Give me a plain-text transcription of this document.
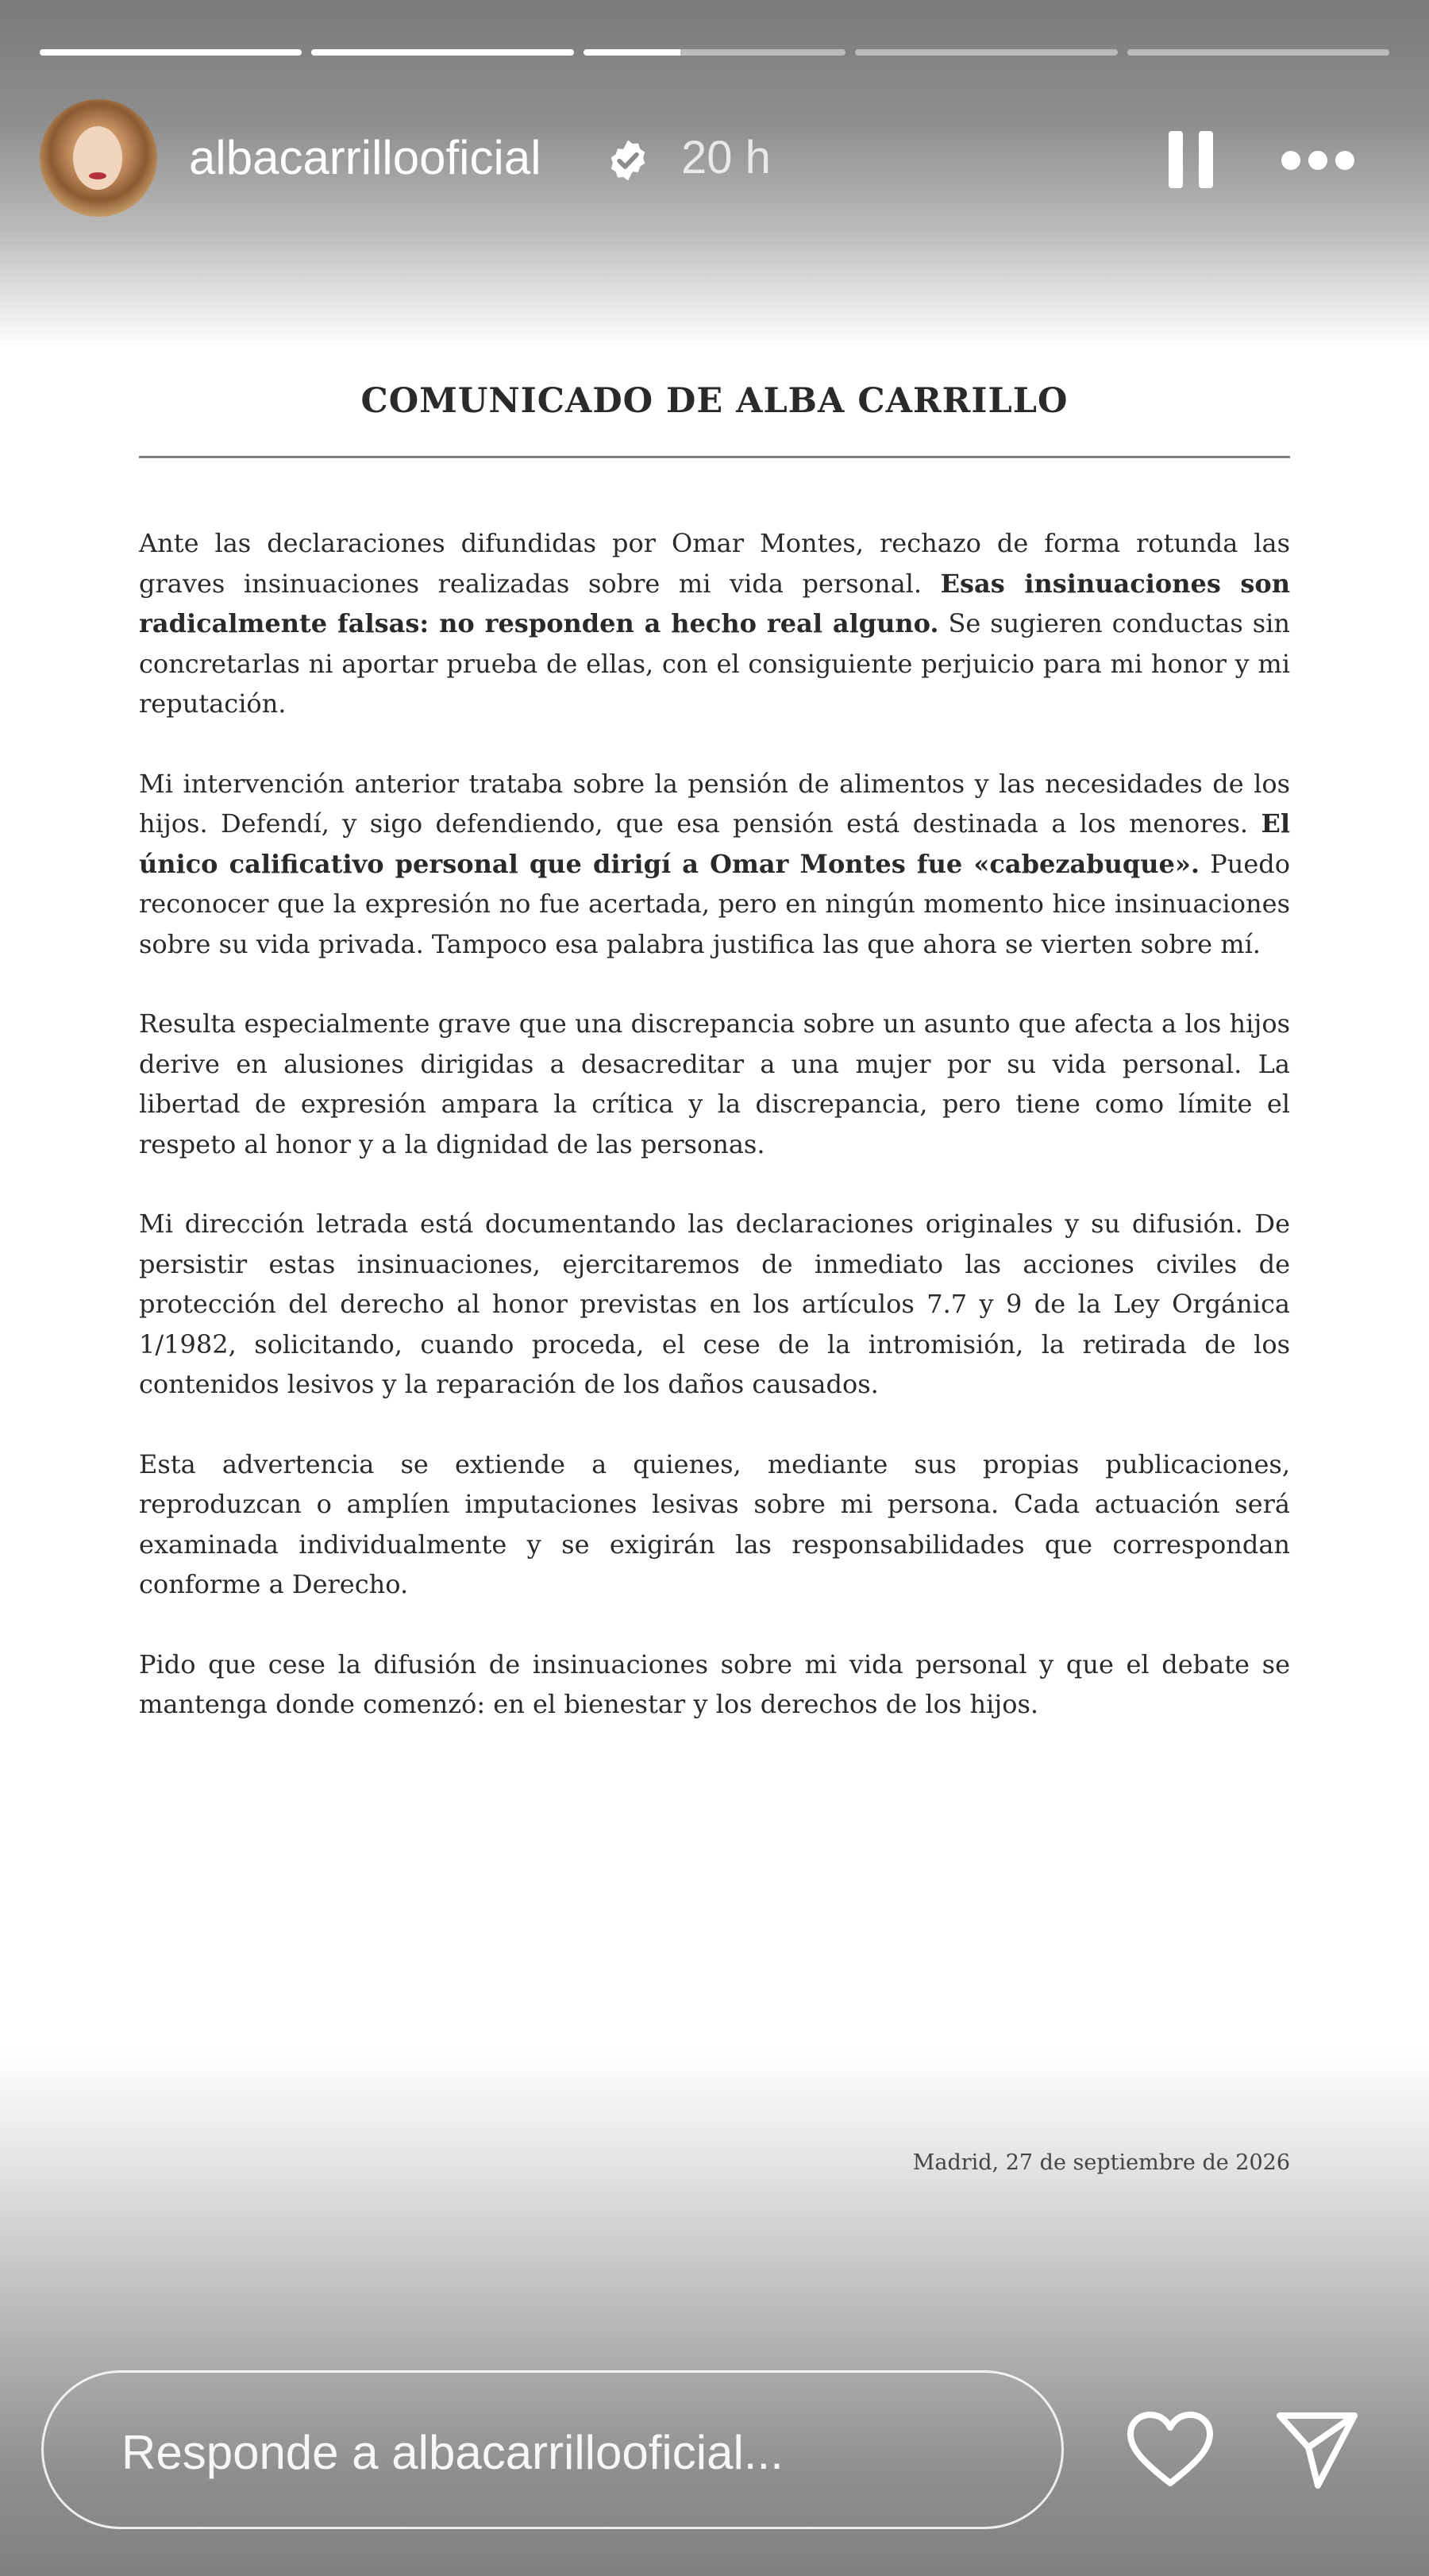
albacarrillooficial	20 h
COMUNICADO DE ALBA CARRILLO

Ante las declaraciones difundidas por Omar Montes, rechazo de forma rotunda las graves insinuaciones realizadas sobre mi vida personal. Esas insinuaciones son radicalmente falsas: no responden a hecho real alguno. Se sugieren conductas sin concretarlas ni aportar prueba de ellas, con el consiguiente perjuicio para mi honor y mi reputación.

Mi intervención anterior trataba sobre la pensión de alimentos y las necesidades de los hijos. Defendí, y sigo defendiendo, que esa pensión está destinada a los menores. El único calificativo personal que dirigí a Omar Montes fue «cabezabuque». Puedo reconocer que la expresión no fue acertada, pero en ningún momento hice insinuaciones sobre su vida privada. Tampoco esa palabra justifica las que ahora se vierten sobre mí.

Resulta especialmente grave que una discrepancia sobre un asunto que afecta a los hijos derive en alusiones dirigidas a desacreditar a una mujer por su vida personal. La libertad de expresión ampara la crítica y la discrepancia, pero tiene como límite el respeto al honor y a la dignidad de las personas.

Mi dirección letrada está documentando las declaraciones originales y su difusión. De persistir estas insinuaciones, ejercitaremos de inmediato las acciones civiles de protección del derecho al honor previstas en los artículos 7.7 y 9 de la Ley Orgánica 1/1982, solicitando, cuando proceda, el cese de la intromisión, la retirada de los contenidos lesivos y la reparación de los daños causados.

Esta advertencia se extiende a quienes, mediante sus propias publicaciones, reproduzcan o amplíen imputaciones lesivas sobre mi persona. Cada actuación será examinada individualmente y se exigirán las responsabilidades que correspondan conforme a Derecho.

Pido que cese la difusión de insinuaciones sobre mi vida personal y que el debate se mantenga donde comenzó: en el bienestar y los derechos de los hijos.

Madrid, 27 de septiembre de 2026
Responde a albacarrillooficial...
